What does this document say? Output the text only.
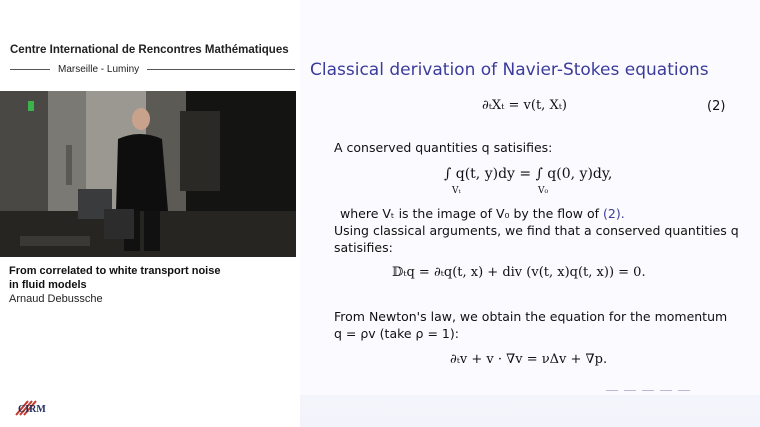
Centre International de Rencontres Mathématiques
Marseille - Luminy
From correlated to white transport noise
in fluid models
Arnaud Debussche
CIRM
Classical derivation of Navier-Stokes equations
∂ₜXₜ = v(t, Xₜ)	(2)
A conserved quantities q satisifies:
∫ q(t, y)dy = ∫ q(0, y)dy,
Vₜ	V₀
where Vₜ is the image of V₀ by the flow of (2).
Using classical arguments, we find that a conserved quantities q
satisifies:
𝔻ₜq = ∂ₜq(t, x) + div (v(t, x)q(t, x)) = 0.
From Newton's law, we obtain the equation for the momentum
q = ρv (take ρ = 1):
∂ₜv + v · ∇v = νΔv + ∇p.
